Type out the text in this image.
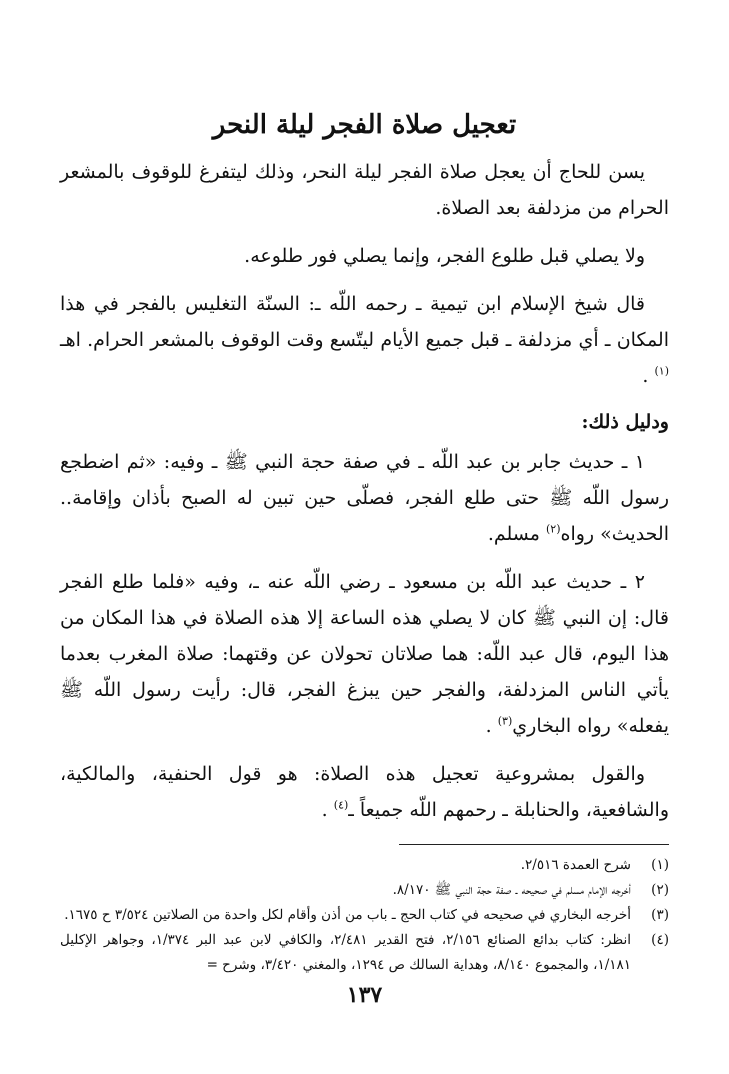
تعجيل صلاة الفجر ليلة النحر

يسن للحاج أن يعجل صلاة الفجر ليلة النحر، وذلك ليتفرغ للوقوف بالمشعر الحرام من مزدلفة بعد الصلاة.

ولا يصلي قبل طلوع الفجر، وإنما يصلي فور طلوعه.

قال شيخ الإسلام ابن تيمية ـ رحمه اللّه ـ: السنّة التغليس بالفجر في هذا المكان ـ أي مزدلفة ـ قبل جميع الأيام ليتّسع وقت الوقوف بالمشعر الحرام. اهـ $^{(١)}$ .

ودليل ذلك:

١ ـ حديث جابر بن عبد اللّه ـ في صفة حجة النبي ﷺ ـ وفيه: «ثم اضطجع رسول اللّه ﷺ حتى طلع الفجر، فصلّى حين تبين له الصبح بأذان وإقامة.. الحديث» رواه$^{(٢)}$ مسلم.

٢ ـ حديث عبد اللّه بن مسعود ـ رضي اللّه عنه ـ، وفيه «فلما طلع الفجر قال: إن النبي ﷺ كان لا يصلي هذه الساعة إلا هذه الصلاة في هذا المكان من هذا اليوم، قال عبد اللّه: هما صلاتان تحولان عن وقتهما: صلاة المغرب بعدما يأتي الناس المزدلفة، والفجر حين يبزغ الفجر، قال: رأيت رسول اللّه ﷺ يفعله» رواه البخاري$^{(٣)}$ .

والقول بمشروعية تعجيل هذه الصلاة: هو قول الحنفية، والمالكية، والشافعية، والحنابلة ـ رحمهم اللّه جميعاً ـ$^{(٤)}$ .

(١)
شرح العمدة ٢/٥١٦.

(٢)
أخرجه الإمام مسلم في صحيحه ـ صفة حجة النبي ﷺ ٨/١٧٠.

(٣)
أخرجه البخاري في صحيحه في كتاب الحج ـ باب من أذن وأقام لكل واحدة من الصلاتين ٣/٥٢٤ ح ١٦٧٥.

(٤)
انظر: كتاب بدائع الصنائع ٢/١٥٦، فتح القدير ٢/٤٨١، والكافي لابن عبد البر ١/٣٧٤، وجواهر الإكليل ١/١٨١، والمجموع ٨/١٤٠، وهداية السالك ص ١٢٩٤، والمغني ٣/٤٢٠، وشرح =

١٣٧
